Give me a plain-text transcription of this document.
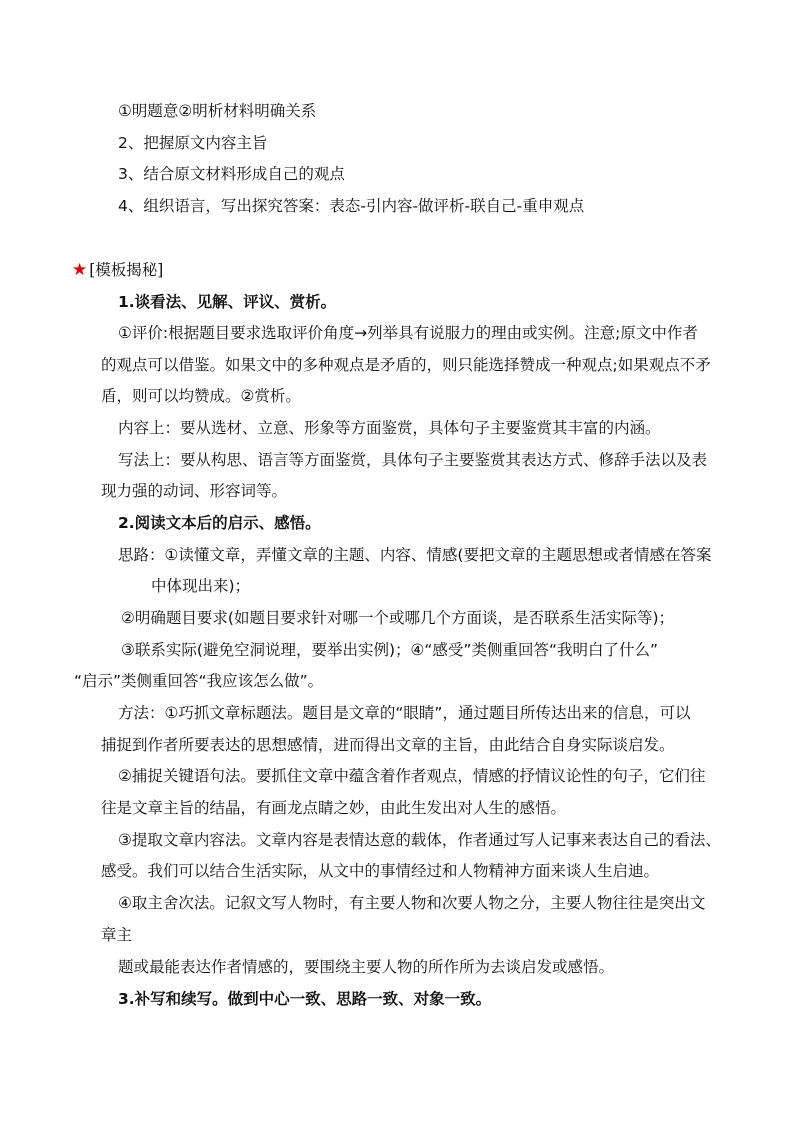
①明题意②明析材料明确关系
2、把握原文内容主旨
3、结合原文材料形成自己的观点
4、组织语言，写出探究答案：表态-引内容-做评析-联自己-重申观点
★ [模板揭秘]
1.谈看法、见解、评议、赏析。
①评价:根据题目要求选取评价角度→列举具有说服力的理由或实例。注意;原文中作者
的观点可以借鉴。如果文中的多种观点是矛盾的，则只能选择赞成一种观点;如果观点不矛
盾，则可以均赞成。②赏析。
内容上：要从选材、立意、形象等方面鉴赏，具体句子主要鉴赏其丰富的内涵。
写法上：要从构思、语言等方面鉴赏，具体句子主要鉴赏其表达方式、修辞手法以及表
现力强的动词、形容词等。
2.阅读文本后的启示、感悟。
思路：①读懂文章，弄懂文章的主题、内容、情感(要把文章的主题思想或者情感在答案
中体现出来)；
②明确题目要求(如题目要求针对哪一个或哪几个方面谈，是否联系生活实际等)；
③联系实际(避免空洞说理，要举出实例)；④“感受”类侧重回答“我明白了什么”
“启示”类侧重回答“我应该怎么做”。
方法：①巧抓文章标题法。题目是文章的“眼睛”，通过题目所传达出来的信息，可以
捕捉到作者所要表达的思想感情，进而得出文章的主旨，由此结合自身实际谈启发。
②捕捉关键语句法。要抓住文章中蕴含着作者观点，情感的抒情议论性的句子，它们往
往是文章主旨的结晶，有画龙点睛之妙，由此生发出对人生的感悟。
③提取文章内容法。文章内容是表情达意的载体，作者通过写人记事来表达自己的看法、
感受。我们可以结合生活实际，从文中的事情经过和人物精神方面来谈人生启迪。
④取主舍次法。记叙文写人物时，有主要人物和次要人物之分，主要人物往往是突出文
章主
题或最能表达作者情感的，要围绕主要人物的所作所为去谈启发或感悟。
3.补写和续写。做到中心一致、思路一致、对象一致。
